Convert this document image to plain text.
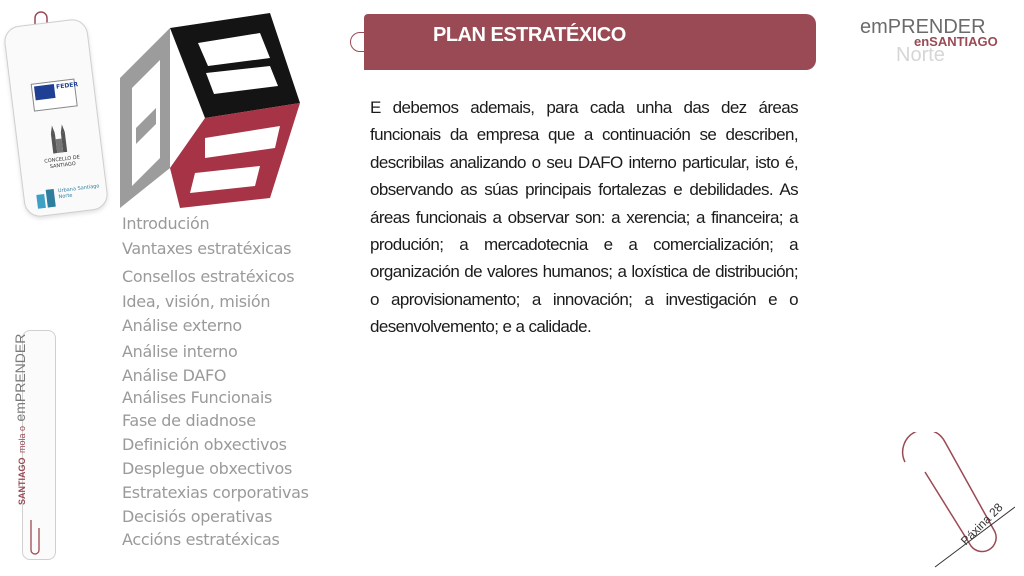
FEDER
CONCELLO DE SANTIAGO
Urbana Santiago Norte
PLAN ESTRATÉXICO	emPRENDER
enSANTIAGO
Norte
E debemos ademais, para cada unha das dez áreas funcionais da empresa que a continuación se describen, describilas analizando o seu DAFO interno particular, isto é, observando as súas principais fortalezas e debilidades. As áreas funcionais a observar son: a xerencia; a financeira; a produción; a mercadotecnia e a comercialización; a organización de valores humanos; a loxística de distribución; o aprovisionamento; a innovación; a investigación e o desenvolvemento; e a calidade.
Introdución
Vantaxes estratéxicas
Consellos estratéxicos
Idea, visión, misión
Análise externo
Análise interno
Análise DAFO
Análises Funcionais
Fase de diadnose
Definición obxectivos
Desplegue obxectivos
Estratexias corporativas
Decisiós operativas
Accións estratéxicas
SANTIAGO mola o emPRENDER
Páxina 28
